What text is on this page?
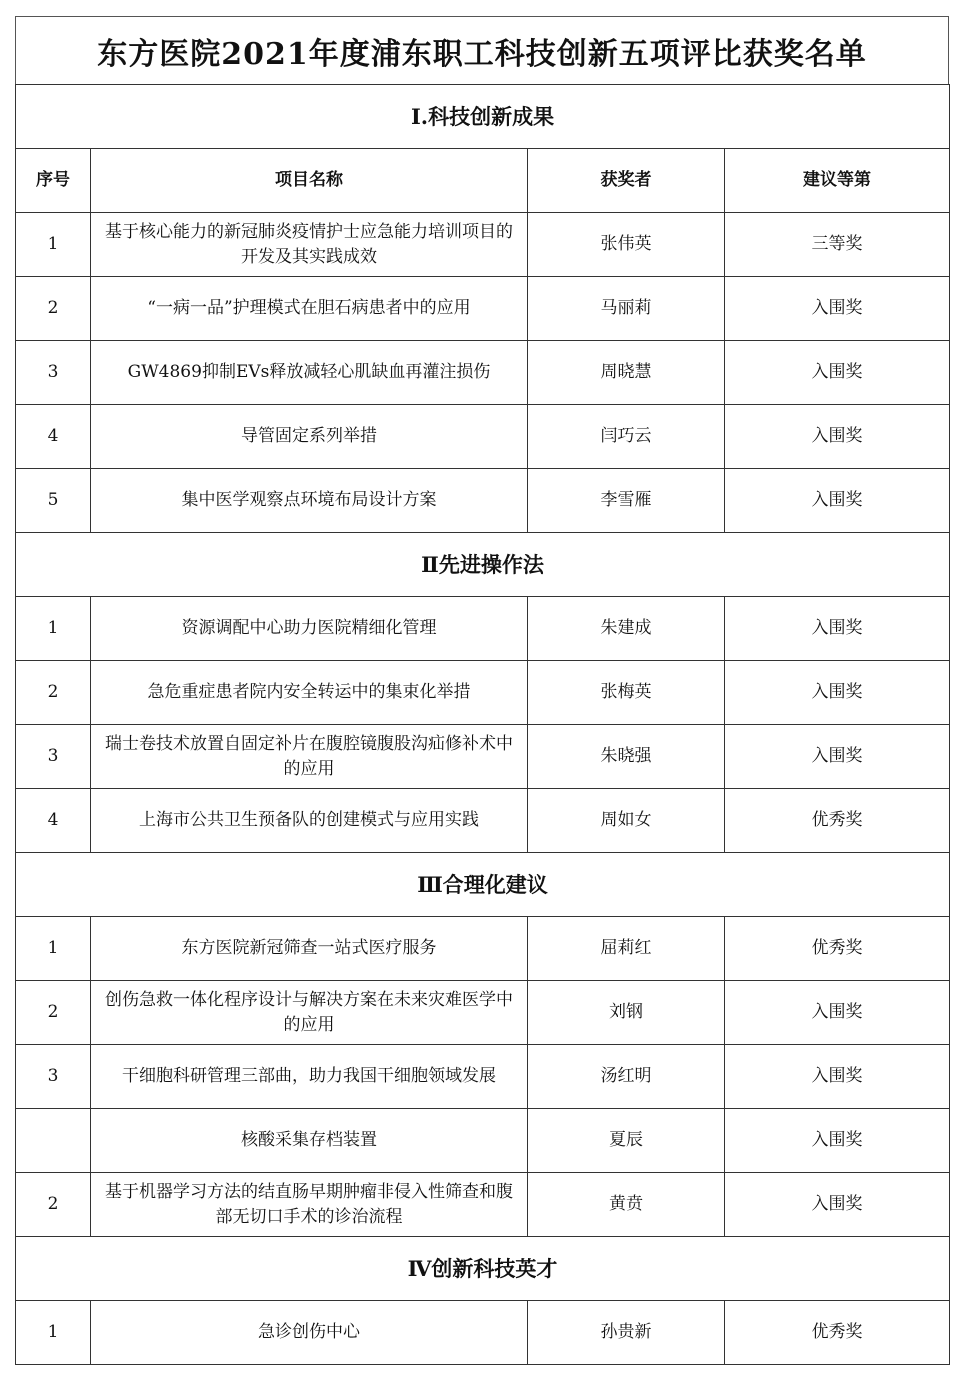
东方医院2021年度浦东职工科技创新五项评比获奖名单
I.科技创新成果			
序号	项目名称	获奖者	建议等第
1	基于核心能力的新冠肺炎疫情护士应急能力培训项目的开发及其实践成效	张伟英	三等奖
2	“一病一品”护理模式在胆石病患者中的应用	马丽莉	入围奖
3	GW4869抑制EVs释放减轻心肌缺血再灌注损伤	周晓慧	入围奖
4	导管固定系列举措	闫巧云	入围奖
5	集中医学观察点环境布局设计方案	李雪雁	入围奖
Ⅱ先进操作法			
1	资源调配中心助力医院精细化管理	朱建成	入围奖
2	急危重症患者院内安全转运中的集束化举措	张梅英	入围奖
3	瑞士卷技术放置自固定补片在腹腔镜腹股沟疝修补术中的应用	朱晓强	入围奖
4	上海市公共卫生预备队的创建模式与应用实践	周如女	优秀奖
Ⅲ合理化建议			
1	东方医院新冠筛查一站式医疗服务	屈莉红	优秀奖
2	创伤急救一体化程序设计与解决方案在未来灾难医学中的应用	刘钢	入围奖
3	干细胞科研管理三部曲，助力我国干细胞领域发展	汤红明	入围奖
	核酸采集存档装置	夏辰	入围奖
2	基于机器学习方法的结直肠早期肿瘤非侵入性筛查和腹部无切口手术的诊治流程	黄贲	入围奖
Ⅳ创新科技英才			
1	急诊创伤中心	孙贵新	优秀奖
